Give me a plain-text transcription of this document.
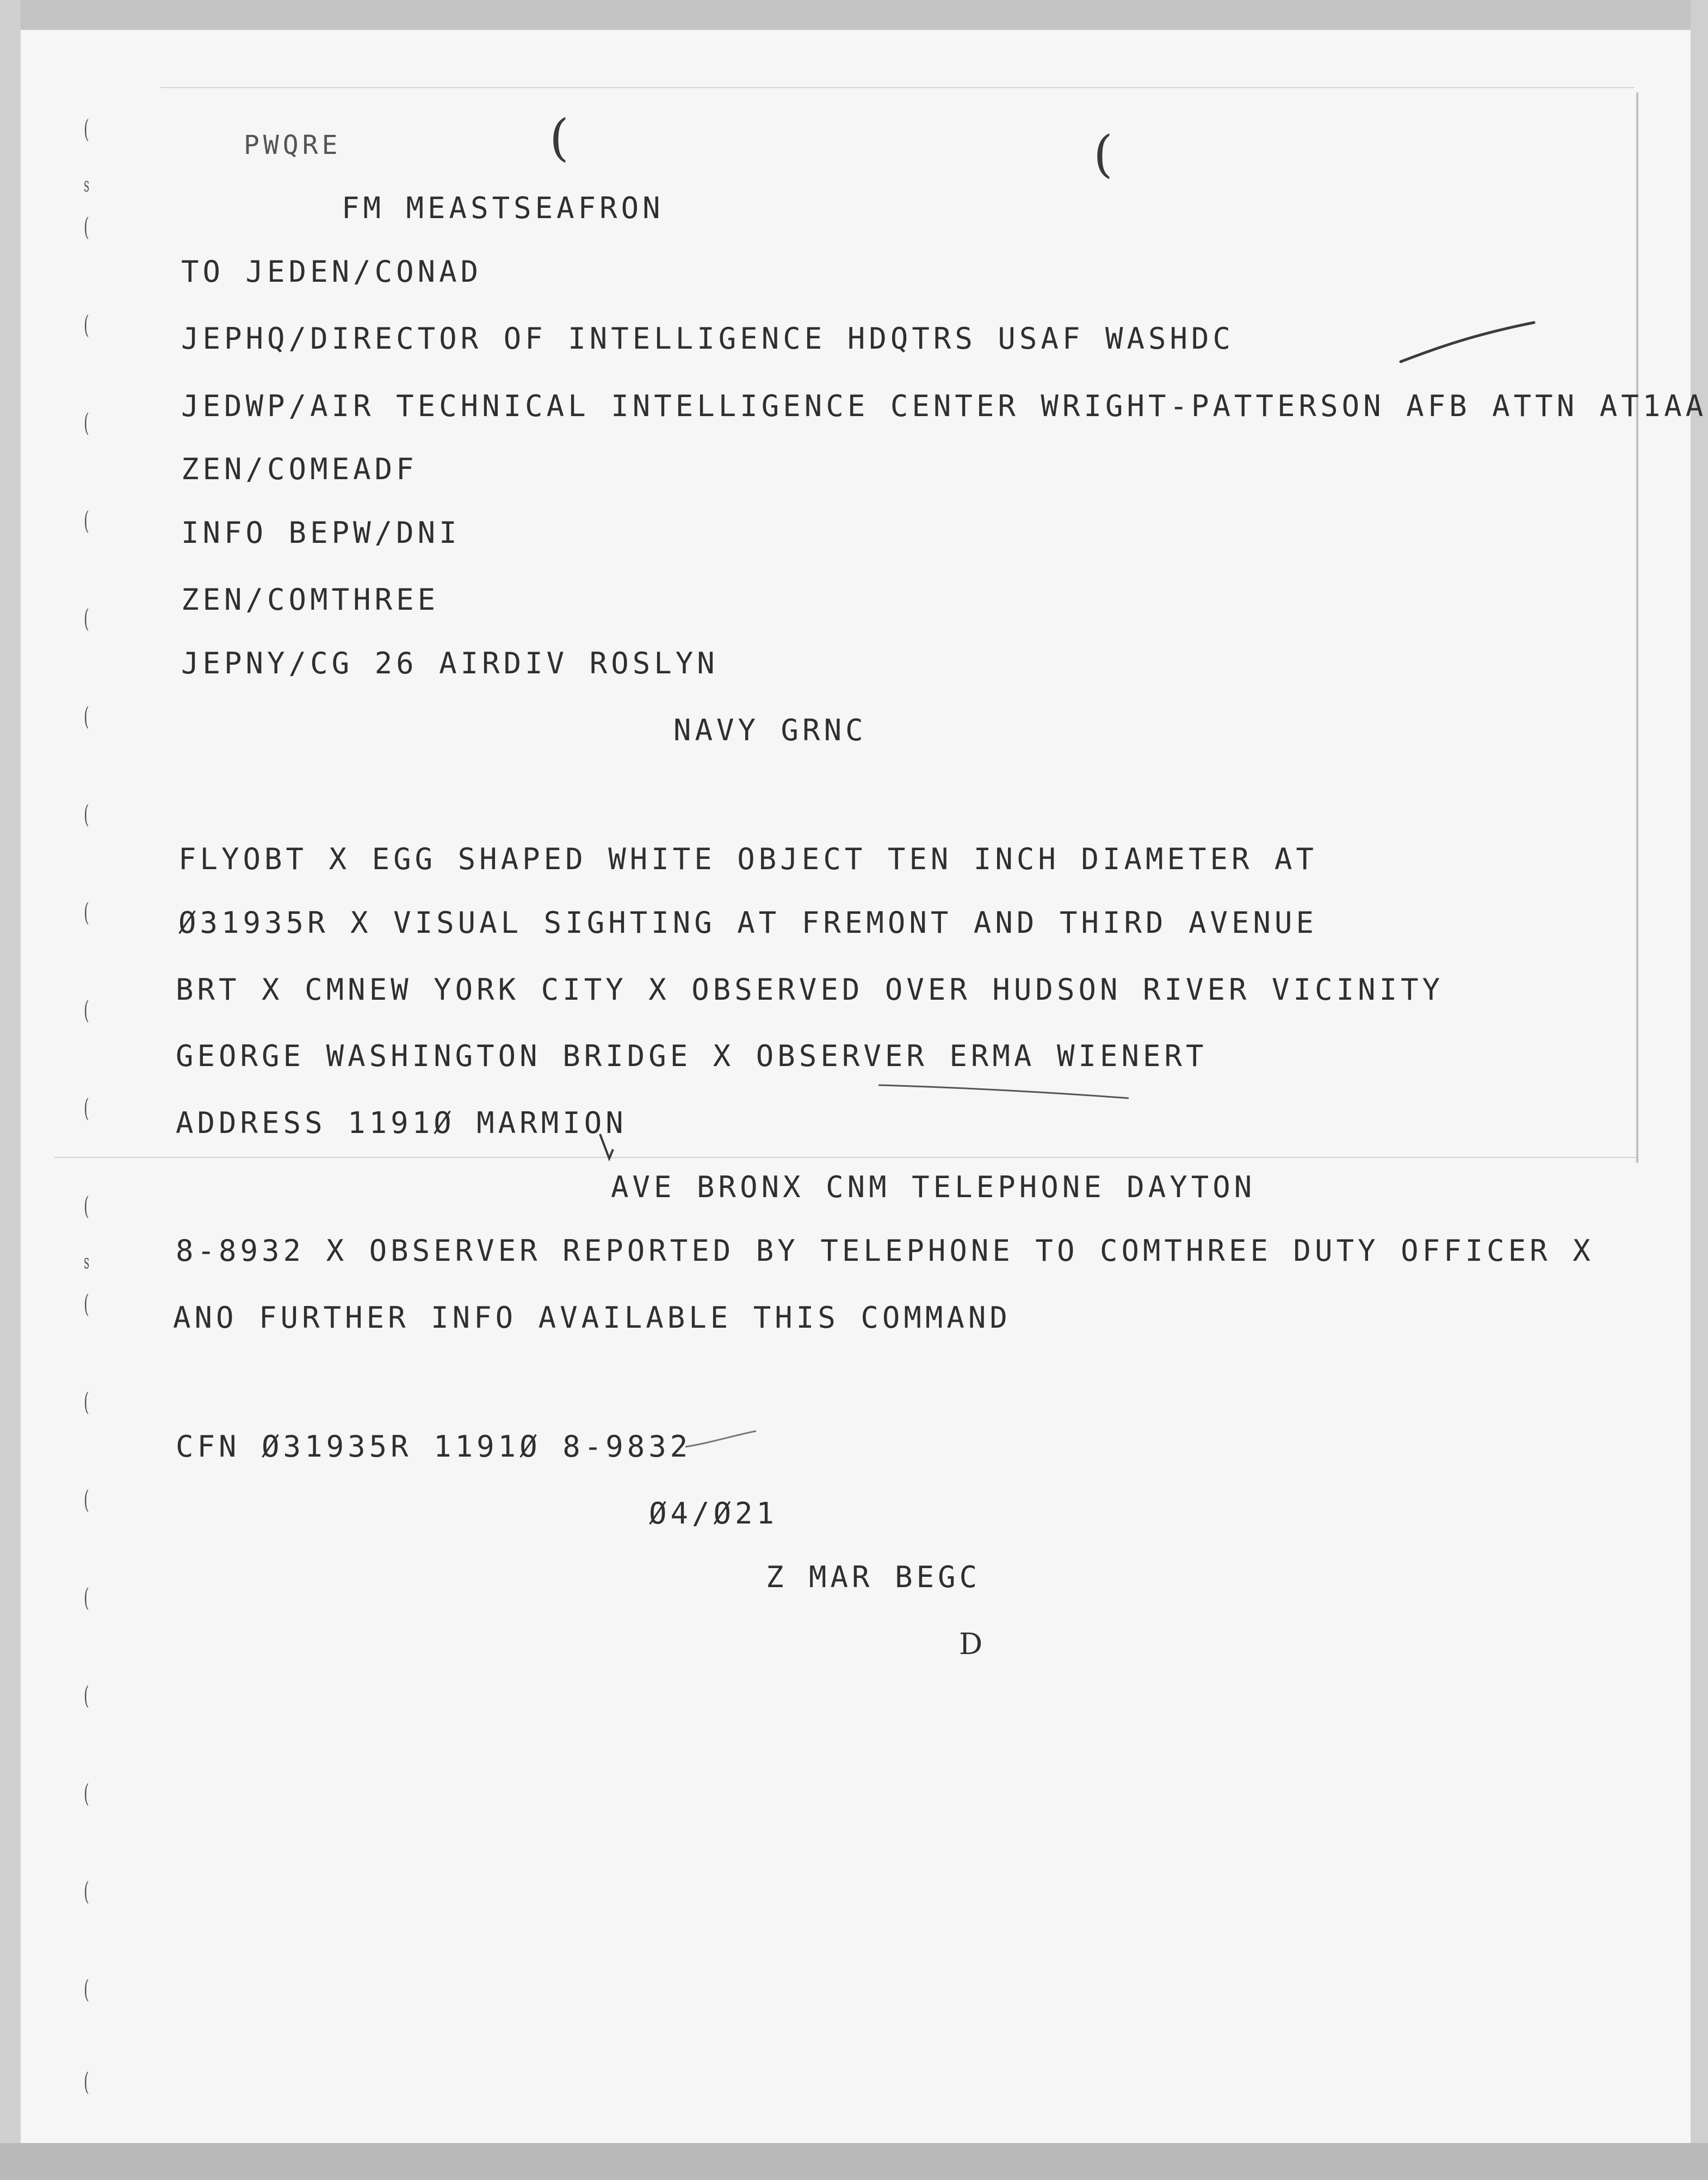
(
s
(
(
(
(
(
(
(
(
(
(
(
s
(
(
(
(
(
(
(
(
(
(	(
PWQRE
FM MEASTSEAFRON
TO JEDEN/CONAD
JEPHQ/DIRECTOR OF INTELLIGENCE HDQTRS USAF WASHDC
JEDWP/AIR TECHNICAL INTELLIGENCE CENTER WRIGHT-PATTERSON AFB ATTN AT1AA
ZEN/COMEADF
INFO BEPW/DNI
ZEN/COMTHREE
JEPNY/CG 26 AIRDIV ROSLYN
NAVY GRNC
FLYOBT X EGG SHAPED WHITE OBJECT TEN INCH DIAMETER AT
Ø31935R X VISUAL SIGHTING AT FREMONT AND THIRD AVENUE
BRT X CMNEW YORK CITY X OBSERVED OVER HUDSON RIVER VICINITY
GEORGE WASHINGTON BRIDGE X OBSERVER ERMA WIENERT
ADDRESS 1191Ø MARMION
AVE BRONX CNM TELEPHONE DAYTON
8-8932 X OBSERVER REPORTED BY TELEPHONE TO COMTHREE DUTY OFFICER X
ANO FURTHER INFO AVAILABLE THIS COMMAND
CFN Ø31935R 1191Ø 8-9832
Ø4/Ø21
Z MAR BEGC
D
